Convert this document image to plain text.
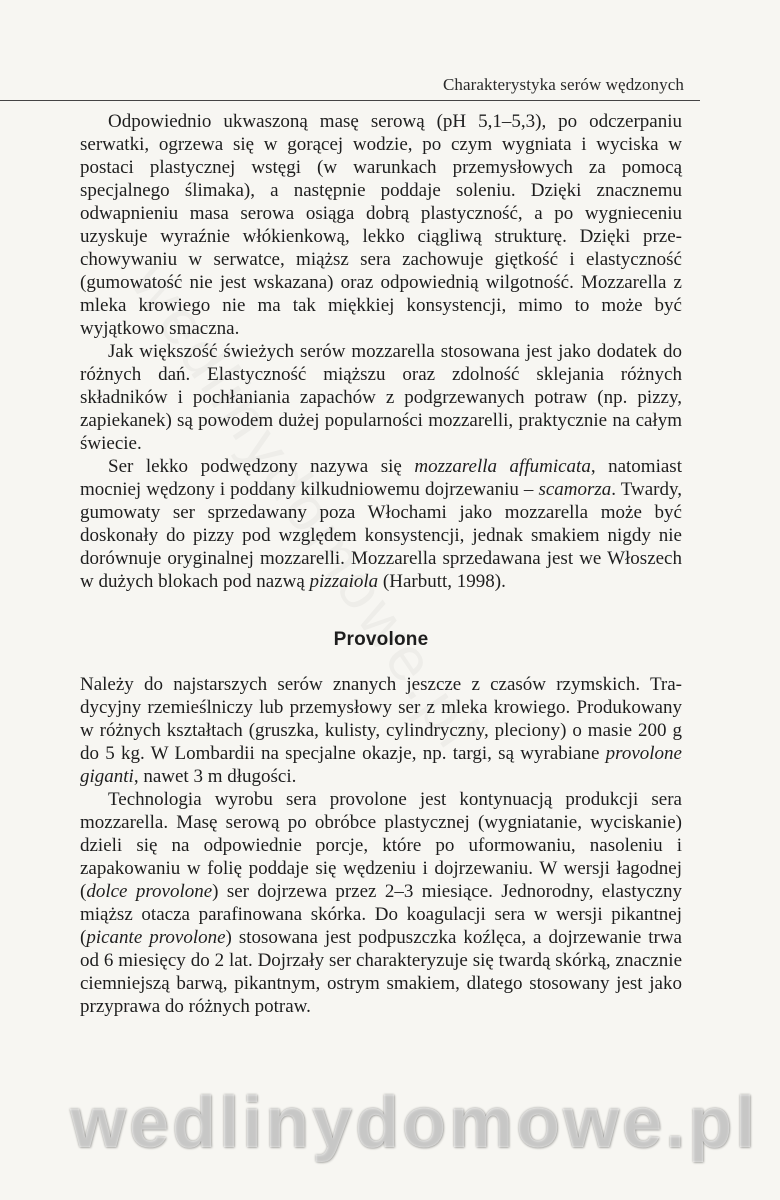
Charakterystyka serów wędzonych

Odpowiednio ukwaszoną masę serową (pH 5,1–5,3), po odczerpaniu serwatki, ogrzewa się w gorącej wodzie, po czym wygniata i wyciska w postaci plastycznej wstęgi (w warunkach przemysłowych za pomocą specjalnego ślimaka), a następnie poddaje soleniu. Dzięki znacznemu odwapnieniu masa serowa osiąga dobrą plastyczność, a po wygnieceniu uzyskuje wyraźnie włókienkową, lekko ciągliwą strukturę. Dzięki przechowywaniu w serwatce, miąższ sera zachowuje giętkość i elastyczność (gumowatość nie jest wskazana) oraz odpowiednią wilgotność. Mozzarella z mleka krowiego nie ma tak miękkiej konsystencji, mimo to może być wyjątkowo smaczna.

Jak większość świeżych serów mozzarella stosowana jest jako dodatek do różnych dań. Elastyczność miąższu oraz zdolność sklejania różnych składników i pochłaniania zapachów z podgrzewanych potraw (np. pizzy, zapiekanek) są powodem dużej popularności mozzarelli, praktycznie na całym świecie.

Ser lekko podwędzony nazywa się mozzarella affumicata, natomiast mocniej wędzony i poddany kilkudniowemu dojrzewaniu – scamorza. Twardy, gumowaty ser sprzedawany poza Włochami jako mozzarella może być doskonały do pizzy pod względem konsystencji, jednak smakiem nigdy nie dorównuje oryginalnej mozzarelli. Mozzarella sprzedawana jest we Włoszech w dużych blokach pod nazwą pizzaiola (Harbutt, 1998).

Provolone

Należy do najstarszych serów znanych jeszcze z czasów rzymskich. Tradycyjny rzemieślniczy lub przemysłowy ser z mleka krowiego. Produkowany w różnych kształtach (gruszka, kulisty, cylindryczny, pleciony) o masie 200 g do 5 kg. W Lombardii na specjalne okazje, np. targi, są wyrabiane provolone giganti, nawet 3 m długości.

Technologia wyrobu sera provolone jest kontynuacją produkcji sera mozzarella. Masę serową po obróbce plastycznej (wygniatanie, wyciskanie) dzieli się na odpowiednie porcje, które po uformowaniu, nasoleniu i zapakowaniu w folię poddaje się wędzeniu i dojrzewaniu. W wersji łagodnej (dolce provolone) ser dojrzewa przez 2–3 miesiące. Jednorodny, elastyczny miąższ otacza parafinowana skórka. Do koagulacji sera w wersji pikantnej (picante provolone) stosowana jest podpuszczka koźlęca, a dojrzewanie trwa od 6 miesięcy do 2 lat. Dojrzały ser charakteryzuje się twardą skórką, znacznie ciemniejszą barwą, pikantnym, ostrym smakiem, dlatego stosowany jest jako przyprawa do różnych potraw.

wedlinydomowe.pl
